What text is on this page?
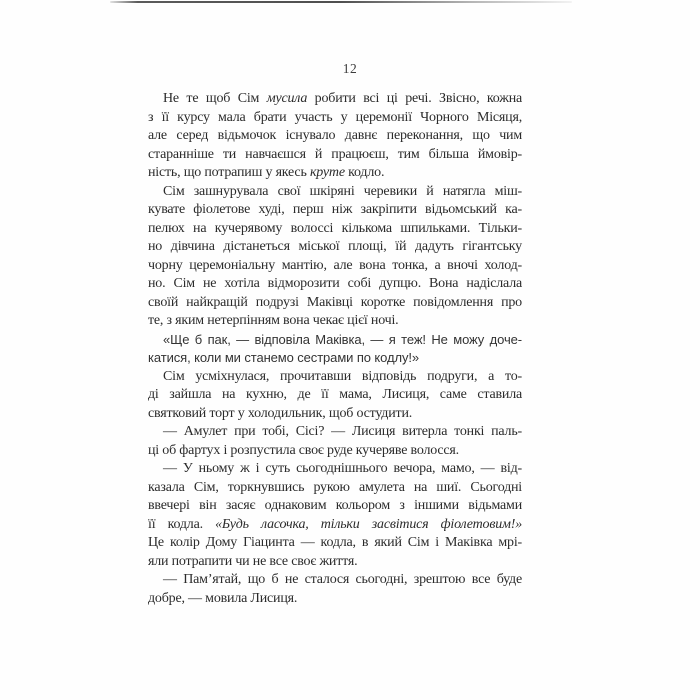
12
Не те щоб Сім мусила робити всі ці речі. Звісно, кожна
з її курсу мала брати участь у церемонії Чорного Місяця,
але серед відьмочок існувало давнє переконання, що чим
старанніше ти навчаєшся й працюєш, тим більша ймовір-
ність, що потрапиш у якесь круте кодло.
Сім зашнурувала свої шкіряні черевики й натягла міш-
кувате фіолетове худі, перш ніж закріпити відьомський ка-
пелюх на кучерявому волоссі кількома шпильками. Тільки-
но дівчина дістанеться міської площі, їй дадуть гігантську
чорну церемоніальну мантію, але вона тонка, а вночі холод-
но. Сім не хотіла відморозити собі дупцю. Вона надіслала
своїй найкращій подрузі Маківці коротке повідомлення про
те, з яким нетерпінням вона чекає цієї ночі.
«Ще б пак, — відповіла Маківка, — я теж! Не можу доче-
катися, коли ми станемо сестрами по кодлу!»
Сім усміхнулася, прочитавши відповідь подруги, а то-
ді зайшла на кухню, де її мама, Лисиця, саме ставила
святковий торт у холодильник, щоб остудити.
— Амулет при тобі, Сісі? — Лисиця витерла тонкі паль-
ці об фартух і розпустила своє руде кучеряве волосся.
— У ньому ж і суть сьогоднішнього вечора, мамо, — від-
казала Сім, торкнувшись рукою амулета на шиї. Сьогодні
ввечері він засяє однаковим кольором з іншими відьмами
її кодла. «Будь ласочка, тільки засвітися фіолетовим!»
Це колір Дому Гіацинта — кодла, в який Сім і Маківка мрі-
яли потрапити чи не все своє життя.
— Пам’ятай, що б не сталося сьогодні, зрештою все буде
добре, — мовила Лисиця.
